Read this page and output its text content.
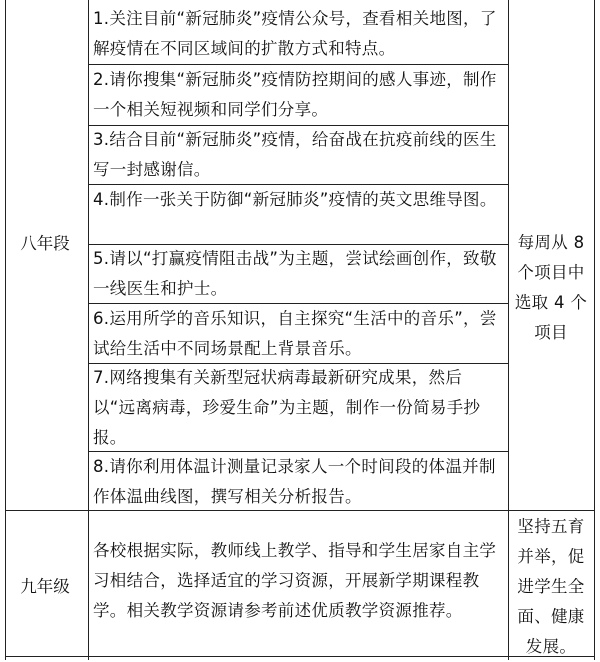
八年段
1.关注目前“新冠肺炎”疫情公众号，查看相关地图，了解疫情在不同区域间的扩散方式和特点。
2.请你搜集“新冠肺炎”疫情防控期间的感人事迹，制作一个相关短视频和同学们分享。
3.结合目前“新冠肺炎”疫情，给奋战在抗疫前线的医生写一封感谢信。
4.制作一张关于防御“新冠肺炎”疫情的英文思维导图。
5.请以“打赢疫情阻击战”为主题，尝试绘画创作，致敬一线医生和护士。
6.运用所学的音乐知识，自主探究“生活中的音乐”，尝试给生活中不同场景配上背景音乐。
7.网络搜集有关新型冠状病毒最新研究成果，然后以“远离病毒，珍爱生命”为主题，制作一份简易手抄报。
8.请你利用体温计测量记录家人一个时间段的体温并制作体温曲线图，撰写相关分析报告。
每周从 8 个项目中选取 4 个项目
九年级
各校根据实际，教师线上教学、指导和学生居家自主学习相结合，选择适宜的学习资源，开展新学期课程教学。相关教学资源请参考前述优质教学资源推荐。
坚持五育并举，促进学生全面、健康发展。
